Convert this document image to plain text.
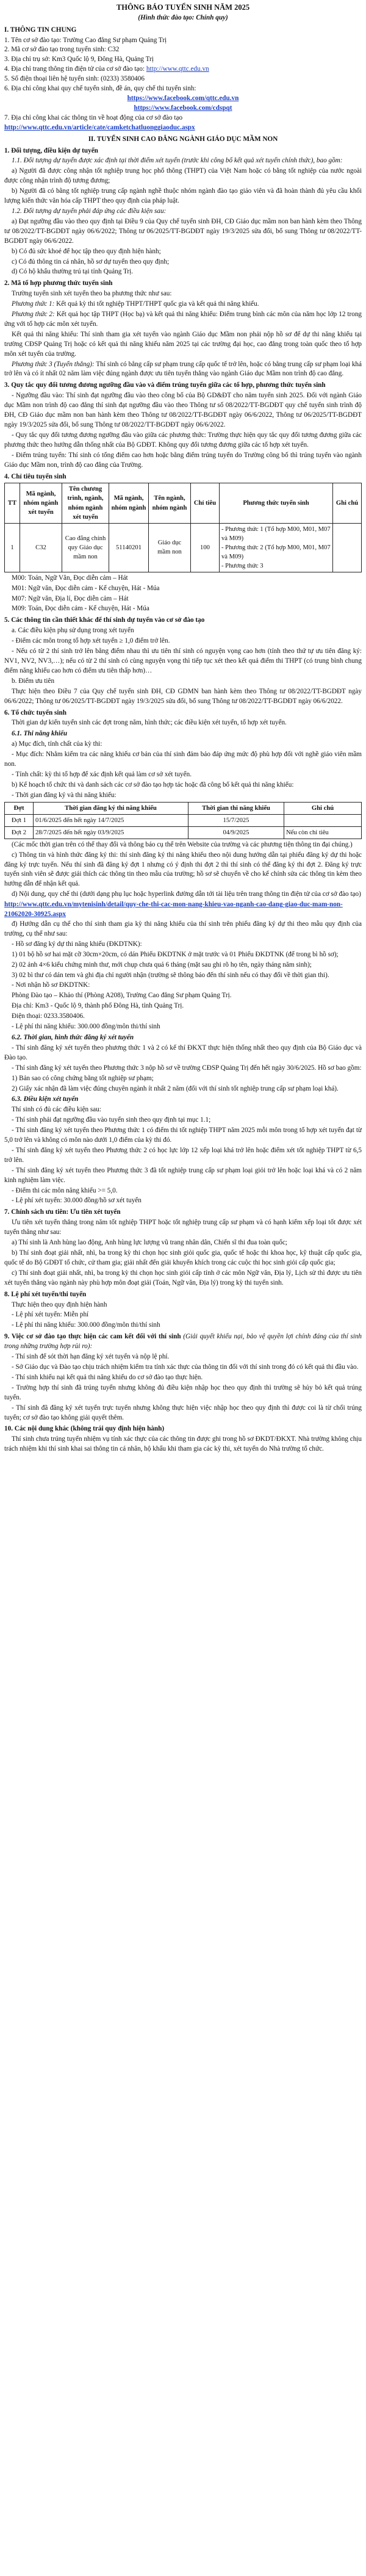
THÔNG BÁO TUYỂN SINH NĂM 2025

(Hình thức đào tạo: Chính quy)

I. THÔNG TIN CHUNG

1. Tên cơ sở đào tạo: Trường Cao đẳng Sư phạm Quảng Trị

2. Mã cơ sở đào tạo trong tuyển sinh: C32

3. Địa chỉ trụ sở: Km3 Quốc lộ 9, Đông Hà, Quảng Trị

4. Địa chỉ trang thông tin điện tử của cơ sở đào tạo: http://www.qttc.edu.vn

5. Số điện thoại liên hệ tuyển sinh: (0233) 3580406

6. Địa chỉ công khai quy chế tuyển sinh, đề án, quy chế thi tuyển sinh:

https://www.facebook.com/qttc.edu.vn

https://www.facebook.com/cdspqt

7. Địa chỉ công khai các thông tin về hoạt động của cơ sở đào tạo

http://www.qttc.edu.vn/article/cate/camketchatluonggiaoduc.aspx

II. TUYỂN SINH CAO ĐẲNG NGÀNH GIÁO DỤC MẦM NON

1. Đối tượng, điều kiện dự tuyển

1.1. Đối tượng dự tuyển được xác định tại thời điểm xét tuyển (trước khi công bố kết quả xét tuyển chính thức), bao gồm:

a) Người đã được công nhận tốt nghiệp trung học phổ thông (THPT) của Việt Nam hoặc có bằng tốt nghiệp của nước ngoài được công nhận trình độ tương đương;

b) Người đã có bằng tốt nghiệp trung cấp ngành nghề thuộc nhóm ngành đào tạo giáo viên và đã hoàn thành đủ yêu cầu khối lượng kiến thức văn hóa cấp THPT theo quy định của pháp luật.

1.2. Đối tượng dự tuyển phải đáp ứng các điều kiện sau:

a) Đạt ngưỡng đầu vào theo quy định tại Điều 9 của Quy chế tuyển sinh ĐH, CĐ Giáo dục mầm non ban hành kèm theo Thông tư 08/2022/TT-BGDĐT ngày 06/6/2022; Thông tư 06/2025/TT-BGDĐT ngày 19/3/2025 sửa đổi, bổ sung Thông tư 08/2022/TT-BGDĐT ngày 06/6/2022.

b) Có đủ sức khoẻ để học tập theo quy định hiện hành;

c) Có đủ thông tin cá nhân, hồ sơ dự tuyển theo quy định;

d) Có hộ khẩu thường trú tại tỉnh Quảng Trị.

2. Mã tổ hợp phương thức tuyển sinh

Trường tuyển sinh xét tuyển theo ba phương thức như sau:

Phương thức 1: Kết quả kỳ thi tốt nghiệp THPT/THPT quốc gia và kết quả thi năng khiếu.

Phương thức 2: Kết quả học tập THPT (Học bạ) và kết quả thi năng khiếu: Điểm trung bình các môn của năm học lớp 12 trong ứng với tổ hợp các môn xét tuyển.

Kết quả thi năng khiếu: Thí sinh tham gia xét tuyển vào ngành Giáo dục Mầm non phải nộp hồ sơ để dự thi năng khiếu tại trường CĐSP Quảng Trị hoặc có kết quả thi năng khiếu năm 2025 tại các trường đại học, cao đẳng trong toàn quốc theo tổ hợp môn xét tuyển của trường.

Phương thức 3 (Tuyển thẳng): Thí sinh có bằng cấp sư phạm trung cấp quốc tế trở lên, hoặc có bằng trung cấp sư phạm loại khá trở lên và có ít nhất 02 năm làm việc đúng ngành được ưu tiên tuyển thẳng vào ngành Giáo dục Mầm non trình độ cao đẳng.

3. Quy tắc quy đổi tương đương ngưỡng đầu vào và điểm trúng tuyển giữa các tổ hợp, phương thức tuyển sinh

- Ngưỡng đầu vào: Thí sinh đạt ngưỡng đầu vào theo công bố của Bộ GD&ĐT cho năm tuyển sinh 2025. Đối với ngành Giáo dục Mầm non trình độ cao đẳng thí sinh đạt ngưỡng đầu vào theo Thông tư số 08/2022/TT-BGDĐT quy chế tuyển sinh trình độ ĐH, CĐ Giáo dục mầm non ban hành kèm theo Thông tư 08/2022/TT-BGDĐT ngày 06/6/2022, Thông tư 06/2025/TT-BGDĐT ngày 19/3/2025 sửa đổi, bổ sung Thông tư 08/2022/TT-BGDĐT ngày 06/6/2022.

- Quy tắc quy đổi tương đương ngưỡng đầu vào giữa các phương thức: Trường thực hiện quy tắc quy đổi tương đương giữa các phương thức theo hướng dẫn thống nhất của Bộ GDĐT. Không quy đổi tương đương giữa các tổ hợp xét tuyển.

- Điểm trúng tuyển: Thí sinh có tổng điểm cao hơn hoặc bằng điểm trúng tuyển do Trường công bố thì trúng tuyển vào ngành Giáo dục Mầm non, trình độ cao đẳng của Trường.

4. Chỉ tiêu tuyển sinh

TT	Mã ngành, nhóm ngành xét tuyển	Tên chương trình, ngành, nhóm ngành xét tuyển	Mã ngành, nhóm ngành	Tên ngành, nhóm ngành	Chỉ tiêu	Phương thức tuyển sinh	Ghi chú
1	C32	Cao đẳng chính quy Giáo dục mầm non	51140201	Giáo dục mầm non	100	- Phương thức 1 (Tổ hợp M00, M01, M07 và M09)
- Phương thức 2 (Tổ hợp M00, M01, M07 và M09)
- Phương thức 3	

M00: Toán, Ngữ Văn, Đọc diễn cảm – Hát

M01: Ngữ văn, Đọc diễn cảm - Kể chuyện, Hát - Múa

M07: Ngữ văn, Địa lí, Đọc diễn cảm – Hát

M09: Toán, Đọc diễn cảm - Kể chuyện, Hát - Múa

5. Các thông tin cần thiết khác để thí sinh dự tuyển vào cơ sở đào tạo

a. Các điều kiện phụ sử dụng trong xét tuyển

- Điểm các môn trong tổ hợp xét tuyển ≥ 1,0 điểm trở lên.

- Nếu có từ 2 thí sinh trở lên bằng điểm nhau thì ưu tiên thí sinh có nguyện vọng cao hơn (tính theo thứ tự ưu tiên đăng ký: NV1, NV2, NV3,…); nếu có từ 2 thí sinh có cùng nguyện vọng thì tiếp tục xét theo kết quả điểm thi THPT (có trung bình chung điểm năng khiếu cao hơn có điểm ưu tiên thấp hơn)…

b. Điểm ưu tiên

Thực hiện theo Điều 7 của Quy chế tuyển sinh ĐH, CĐ GDMN ban hành kèm theo Thông tư 08/2022/TT-BGDĐT ngày 06/6/2022; Thông tư 06/2025/TT-BGDĐT ngày 19/3/2025 sửa đổi, bổ sung Thông tư 08/2022/TT-BGDĐT ngày 06/6/2022.

6. Tổ chức tuyển sinh

Thời gian dự kiến tuyển sinh các đợt trong năm, hình thức; các điều kiện xét tuyển, tổ hợp xét tuyển.

6.1. Thi năng khiếu

a) Mục đích, tính chất của kỳ thi:

- Mục đích: Nhằm kiểm tra các năng khiếu cơ bản của thí sinh đảm bảo đáp ứng mức độ phù hợp đối với nghề giáo viên mầm non.

- Tính chất: kỳ thi tổ hợp để xác định kết quả làm cơ sở xét tuyển.

b) Kế hoạch tổ chức thi và danh sách các cơ sở đào tạo hợp tác hoặc đã công bố kết quả thi năng khiếu:

- Thời gian đăng ký và thi năng khiếu:

Đợt	Thời gian đăng ký thi năng khiếu	Thời gian thi năng khiếu	Ghi chú
Đợt 1	01/6/2025 đến hết ngày 14/7/2025	15/7/2025	
Đợt 2	28/7/2025 đến hết ngày 03/9/2025	04/9/2025	Nếu còn chỉ tiêu

(Các mốc thời gian trên có thể thay đổi và thông báo cụ thể trên Website của trường và các phương tiện thông tin đại chúng.)

c) Thông tin và hình thức đăng ký thi: thí sinh đăng ký thi năng khiếu theo nội dung hướng dẫn tại phiếu đăng ký dự thi hoặc đăng ký trực tuyến. Nếu thí sinh đã đăng ký đợt 1 nhưng có ý định thi đợt 2 thì thí sinh có thể đăng ký thi đợt 2. Đăng ký trực tuyến sinh viên sẽ được giải thích các thông tin theo mẫu của trường; hồ sơ sẽ chuyển về cho kế chỉnh sửa các thông tin kèm theo hướng dẫn để nhận kết quả.

d) Nội dung, quy chế thi (dưới dạng phụ lục hoặc hyperlink đường dẫn tới tài liệu trên trang thông tin điện tử của cơ sở đào tạo)

http://www.qttc.edu.vn/mytenisinh/detail/quy-che-thi-cac-mon-nang-khieu-vao-nganh-cao-dang-giao-duc-mam-non-21062020-30925.aspx

đ) Hướng dẫn cụ thể cho thí sinh tham gia kỳ thi năng khiếu của thí sinh trên phiếu đăng ký dự thi theo mẫu quy định của trường, cụ thể như sau:

- Hồ sơ đăng ký dự thi năng khiếu (ĐKDTNK):

1) 01 bộ hồ sơ hai mặt cỡ 30cm×20cm, có dán Phiếu ĐKDTNK ở mặt trước và 01 Phiếu ĐKDTNK (để trong bì hồ sơ);

2) 02 ảnh 4×6 kiểu chứng minh thư, mới chụp chưa quá 6 tháng (mặt sau ghi rõ họ tên, ngày tháng năm sinh);

3) 02 bì thư có dán tem và ghi địa chỉ người nhận (trường sẽ thông báo đến thí sinh nếu có thay đổi về thời gian thi).

- Nơi nhận hồ sơ ĐKDTNK:

Phòng Đào tạo – Khảo thí (Phòng A208), Trường Cao đẳng Sư phạm Quảng Trị.

Địa chỉ: Km3 - Quốc lộ 9, thành phố Đông Hà, tỉnh Quảng Trị.

Điện thoại: 0233.3580406.

- Lệ phí thi năng khiếu: 300.000 đồng/môn thi/thí sinh

6.2. Thời gian, hình thức đăng ký xét tuyển

- Thí sinh đăng ký xét tuyển theo phương thức 1 và 2 có kế thí ĐKXT thực hiện thống nhất theo quy định của Bộ Giáo dục và Đào tạo.

- Thí sinh đăng ký xét tuyển theo Phương thức 3 nộp hồ sơ về trường CĐSP Quảng Trị đến hết ngày 30/6/2025. Hồ sơ bao gồm:

1) Bản sao có công chứng bằng tốt nghiệp sư phạm;

2) Giấy xác nhận đã làm việc đúng chuyên ngành ít nhất 2 năm (đối với thí sinh tốt nghiệp trung cấp sư phạm loại khá).

6.3. Điều kiện xét tuyển

Thí sinh có đủ các điều kiện sau:

- Thí sinh phải đạt ngưỡng đầu vào tuyển sinh theo quy định tại mục 1.1;

- Thí sinh đăng ký xét tuyển theo Phương thức 1 có điểm thi tốt nghiệp THPT năm 2025 mỗi môn trong tổ hợp xét tuyển đạt từ 5,0 trở lên và không có môn nào dưới 1,0 điểm của kỳ thi đó.

- Thí sinh đăng ký xét tuyển theo Phương thức 2 có học lực lớp 12 xếp loại khá trở lên hoặc điểm xét tốt nghiệp THPT từ 6,5 trở lên.

- Thí sinh đăng ký xét tuyển theo Phương thức 3 đã tốt nghiệp trung cấp sư phạm loại giỏi trở lên hoặc loại khá và có 2 năm kinh nghiệm làm việc.

- Điểm thi các môn năng khiếu >= 5,0.

- Lệ phí xét tuyển: 30.000 đồng/hồ sơ xét tuyển

7. Chính sách ưu tiên: Ưu tiên xét tuyển

Ưu tiên xét tuyển thẳng trong năm tốt nghiệp THPT hoặc tốt nghiệp trung cấp sư phạm và có hạnh kiểm xếp loại tốt được xét tuyển thẳng như sau:

a) Thí sinh là Anh hùng lao động, Anh hùng lực lượng vũ trang nhân dân, Chiến sĩ thi đua toàn quốc;

b) Thí sinh đoạt giải nhất, nhì, ba trong kỳ thi chọn học sinh giỏi quốc gia, quốc tế hoặc thi khoa học, kỹ thuật cấp quốc gia, quốc tế do Bộ GDĐT tổ chức, cử tham gia; giải nhất đến giải khuyến khích trong các cuộc thi học sinh giỏi cấp quốc gia;

c) Thí sinh đoạt giải nhất, nhì, ba trong kỳ thi chọn học sinh giỏi cấp tỉnh ở các môn Ngữ văn, Địa lý, Lịch sử thì được ưu tiên xét tuyển thẳng vào ngành này phù hợp môn đoạt giải (Toán, Ngữ văn, Địa lý) trong kỳ thi tuyển sinh.

8. Lệ phí xét tuyển/thi tuyển

Thực hiện theo quy định hiện hành

- Lệ phí xét tuyển: Miễn phí

- Lệ phí thi năng khiếu: 300.000 đồng/môn thi/thí sinh

9. Việc cơ sở đào tạo thực hiện các cam kết đối với thí sinh (Giải quyết khiếu nại, bảo vệ quyền lợi chính đáng của thí sinh trong những trường hợp rủi ro):

- Thí sinh để sót thời hạn đăng ký xét tuyển và nộp lệ phí.

- Sở Giáo dục và Đào tạo chịu trách nhiệm kiểm tra tính xác thực của thông tin đối với thí sinh trong đó có kết quả thi đầu vào.

- Thí sinh khiếu nại kết quả thi năng khiếu do cơ sở đào tạo thực hiện.

- Trường hợp thí sinh đã trúng tuyển nhưng không đủ điều kiện nhập học theo quy định thì trường sẽ hủy bỏ kết quả trúng tuyển.

- Thí sinh đã đăng ký xét tuyển trực tuyến nhưng không thực hiện việc nhập học theo quy định thì được coi là từ chối trúng tuyển; cơ sở đào tạo không giải quyết thêm.

10. Các nội dung khác (không trái quy định hiện hành)

Thí sinh chưa trúng tuyển nhiệm vụ tính xác thực của các thông tin được ghi trong hồ sơ ĐKDT/ĐKXT. Nhà trường không chịu trách nhiệm khi thí sinh khai sai thông tin cá nhân, hộ khẩu khi tham gia các kỳ thi, xét tuyển do Nhà trường tổ chức.
